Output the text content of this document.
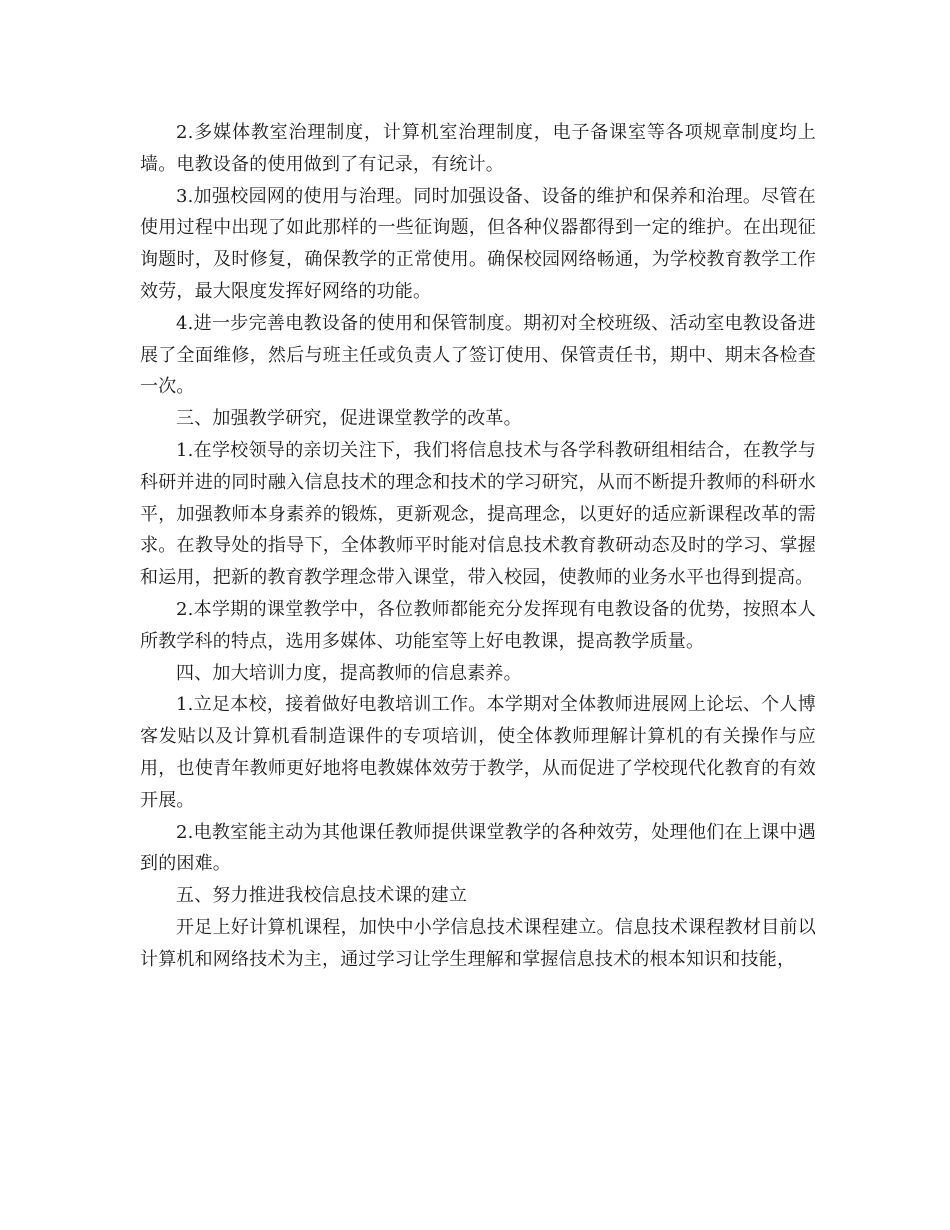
2.多媒体教室治理制度，计算机室治理制度，电子备课室等各项规章制度均上墙。电教设备的使用做到了有记录，有统计。

3.加强校园网的使用与治理。同时加强设备、设备的维护和保养和治理。尽管在使用过程中出现了如此那样的一些征询题，但各种仪器都得到一定的维护。在出现征询题时，及时修复，确保教学的正常使用。确保校园网络畅通，为学校教育教学工作效劳，最大限度发挥好网络的功能。

4.进一步完善电教设备的使用和保管制度。期初对全校班级、活动室电教设备进展了全面维修，然后与班主任或负责人了签订使用、保管责任书，期中、期末各检查一次。

三、加强教学研究，促进课堂教学的改革。

1.在学校领导的亲切关注下，我们将信息技术与各学科教研组相结合，在教学与科研并进的同时融入信息技术的理念和技术的学习研究，从而不断提升教师的科研水平，加强教师本身素养的锻炼，更新观念，提高理念，以更好的适应新课程改革的需求。在教导处的指导下，全体教师平时能对信息技术教育教研动态及时的学习、掌握和运用，把新的教育教学理念带入课堂，带入校园，使教师的业务水平也得到提高。

2.本学期的课堂教学中，各位教师都能充分发挥现有电教设备的优势，按照本人所教学科的特点，选用多媒体、功能室等上好电教课，提高教学质量。

四、加大培训力度，提高教师的信息素养。

1.立足本校，接着做好电教培训工作。本学期对全体教师进展网上论坛、个人博客发贴以及计算机看制造课件的专项培训，使全体教师理解计算机的有关操作与应用，也使青年教师更好地将电教媒体效劳于教学，从而促进了学校现代化教育的有效开展。

2.电教室能主动为其他课任教师提供课堂教学的各种效劳，处理他们在上课中遇到的困难。

五、努力推进我校信息技术课的建立

开足上好计算机课程，加快中小学信息技术课程建立。信息技术课程教材目前以计算机和网络技术为主，通过学习让学生理解和掌握信息技术的根本知识和技能，
